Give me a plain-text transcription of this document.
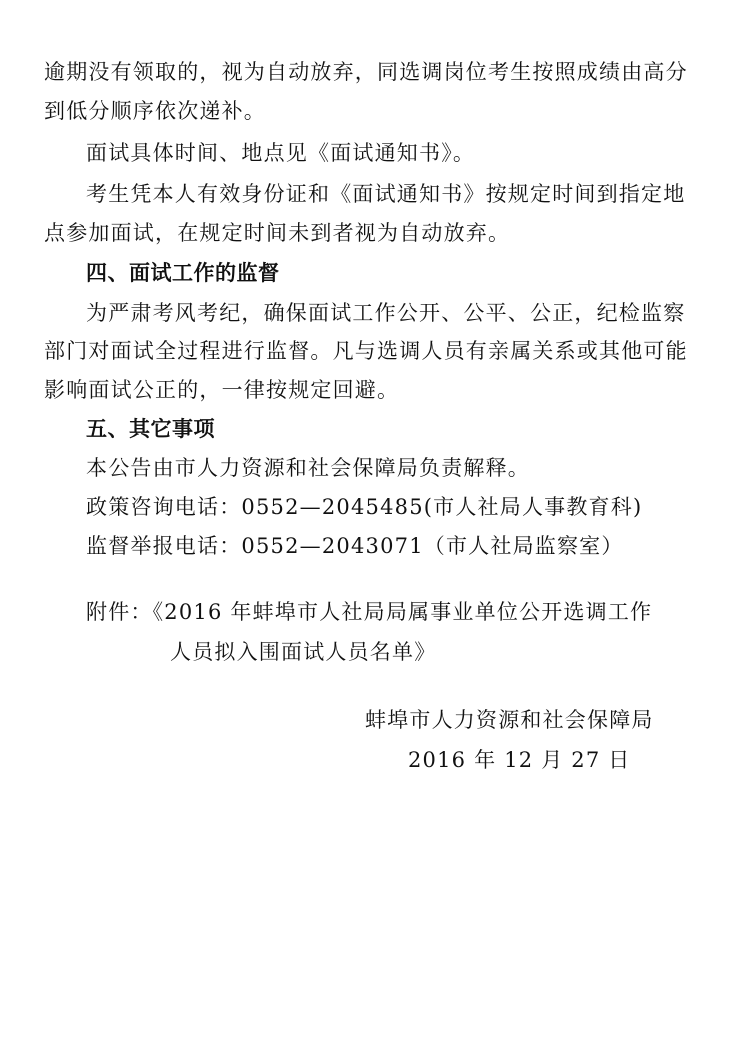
逾期没有领取的，视为自动放弃，同选调岗位考生按照成绩由高分
到低分顺序依次递补。
面试具体时间、地点见《面试通知书》。
考生凭本人有效身份证和《面试通知书》按规定时间到指定地
点参加面试，在规定时间未到者视为自动放弃。
四、面试工作的监督
为严肃考风考纪，确保面试工作公开、公平、公正，纪检监察
部门对面试全过程进行监督。凡与选调人员有亲属关系或其他可能
影响面试公正的，一律按规定回避。
五、其它事项
本公告由市人力资源和社会保障局负责解释。
政策咨询电话：0552—2045485(市人社局人事教育科)
监督举报电话：0552—2043071（市人社局监察室）
附件：《2016 年蚌埠市人社局局属事业单位公开选调工作
人员拟入围面试人员名单》
蚌埠市人力资源和社会保障局
2016 年 12 月 27 日
